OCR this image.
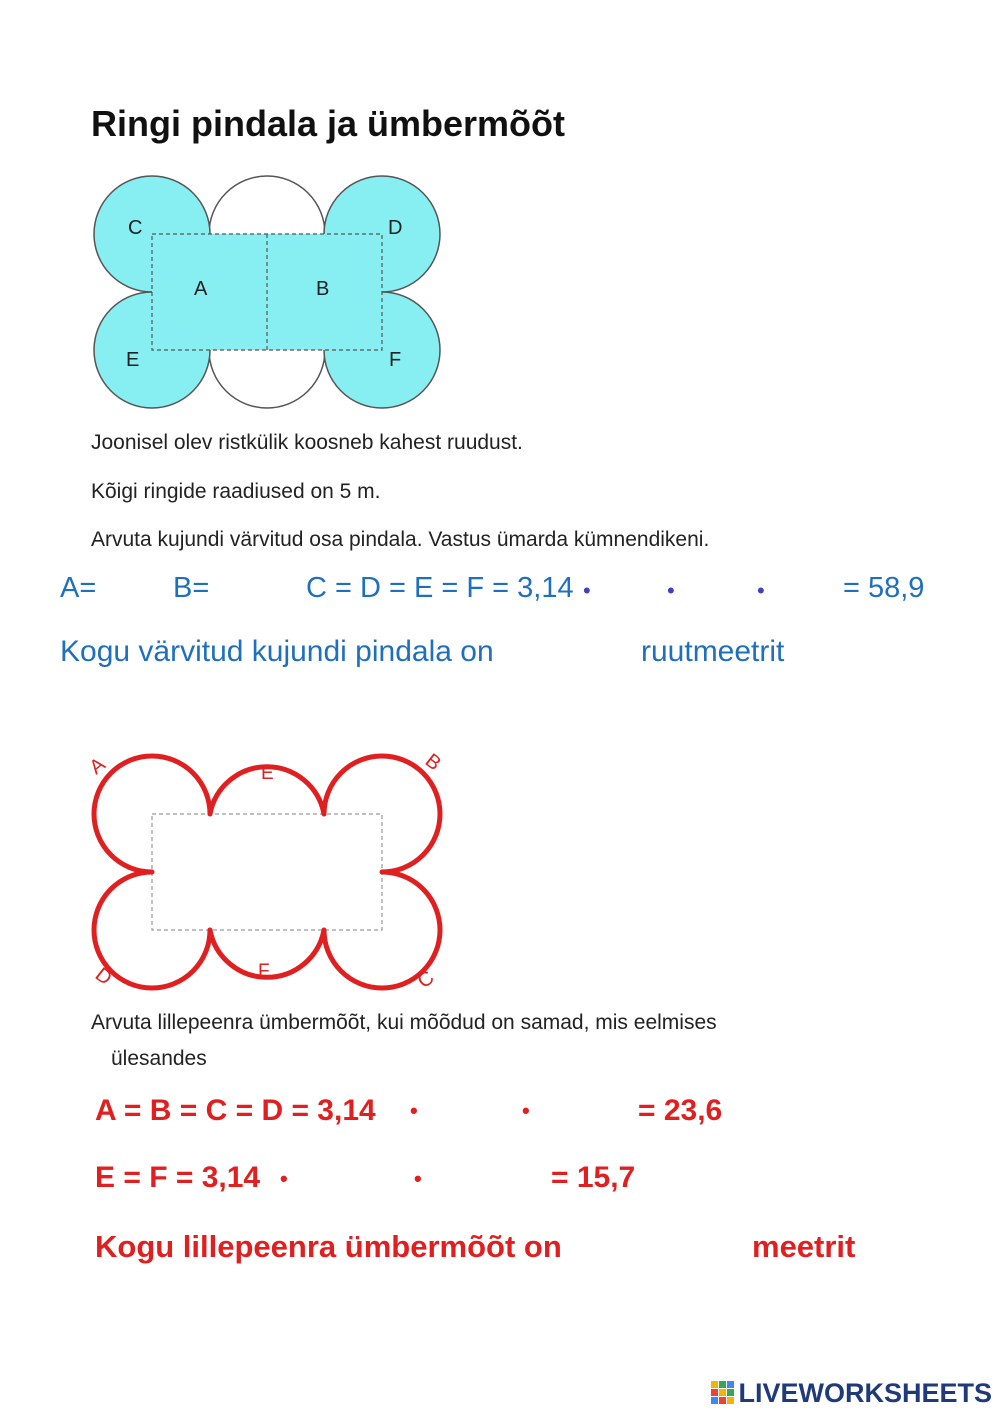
Ringi pindala ja ümbermõõt
C	D
A	B
E	F
Joonisel olev ristkülik koosneb kahest ruudust.
Kõigi ringide raadiused on 5 m.
Arvuta kujundi värvitud osa pindala. Vastus ümarda kümnendikeni.
A=	B=	C = D = E = F = 3,14 •	•	•	= 58,9
Kogu värvitud kujundi pindala on	ruutmeetrit
A	E	B
D	F	C
Arvuta lillepeenra ümbermõõt, kui mõõdud on samad, mis eelmises
ülesandes
A = B = C = D = 3,14 •	•	= 23,6
E = F = 3,14 •	•	= 15,7
Kogu lillepeenra ümbermõõt on	meetrit
LIVEWORKSHEETS
